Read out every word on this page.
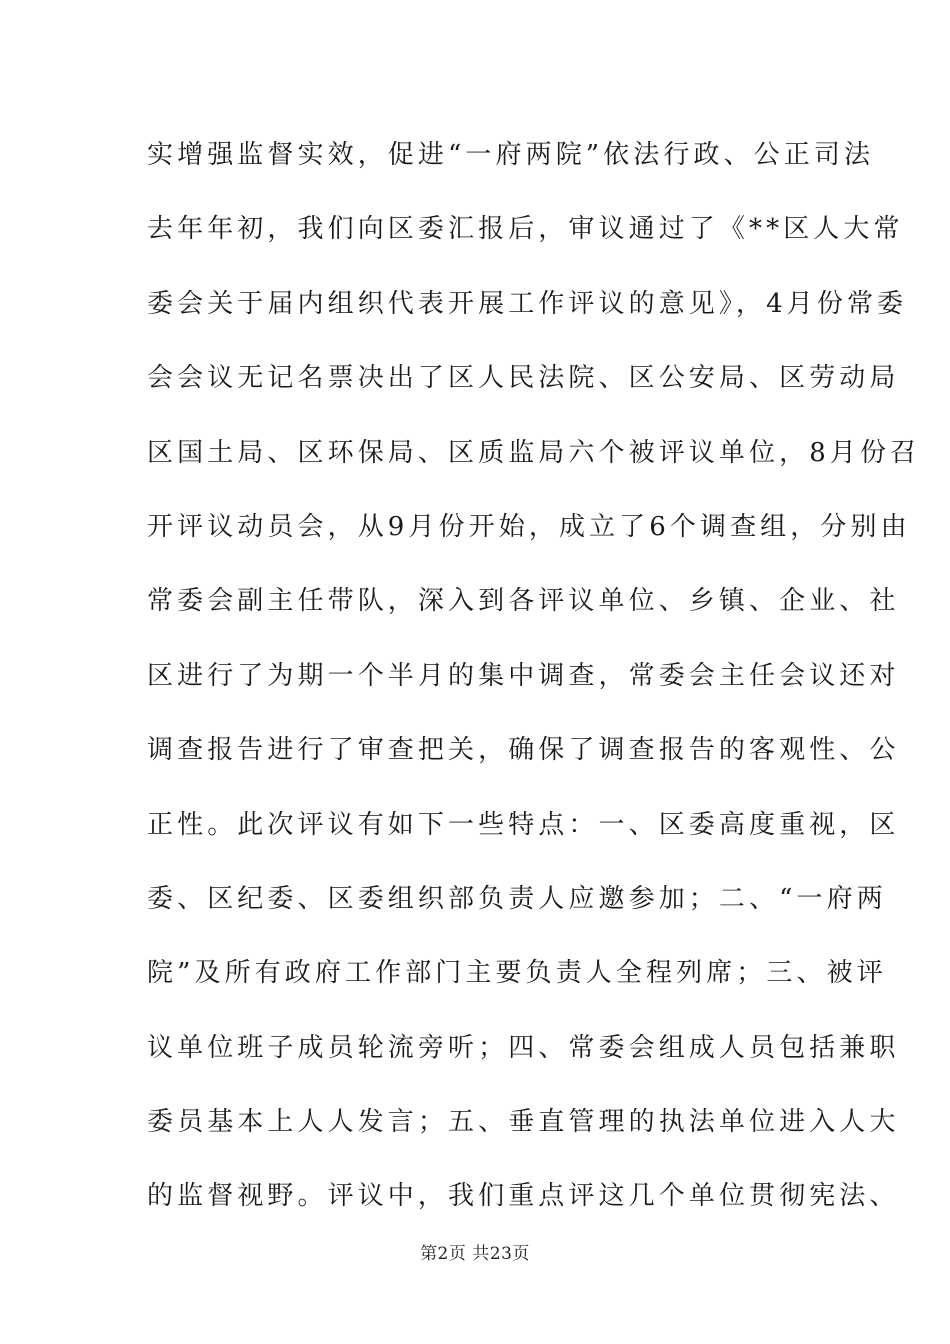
实增强监督实效，促进“一府两院”依法行政、公正司法
去年年初，我们向区委汇报后，审议通过了《**区人大常
委会关于届内组织代表开展工作评议的意见》，4月份常委
会会议无记名票决出了区人民法院、区公安局、区劳动局
区国土局、区环保局、区质监局六个被评议单位，8月份召
开评议动员会，从9月份开始，成立了6个调查组，分别由
常委会副主任带队，深入到各评议单位、乡镇、企业、社
区进行了为期一个半月的集中调查，常委会主任会议还对
调查报告进行了审查把关，确保了调查报告的客观性、公
正性。此次评议有如下一些特点：一、区委高度重视，区
委、区纪委、区委组织部负责人应邀参加；二、“一府两
院”及所有政府工作部门主要负责人全程列席；三、被评
议单位班子成员轮流旁听；四、常委会组成人员包括兼职
委员基本上人人发言；五、垂直管理的执法单位进入人大
的监督视野。评议中，我们重点评这几个单位贯彻宪法、
第2页 共23页
